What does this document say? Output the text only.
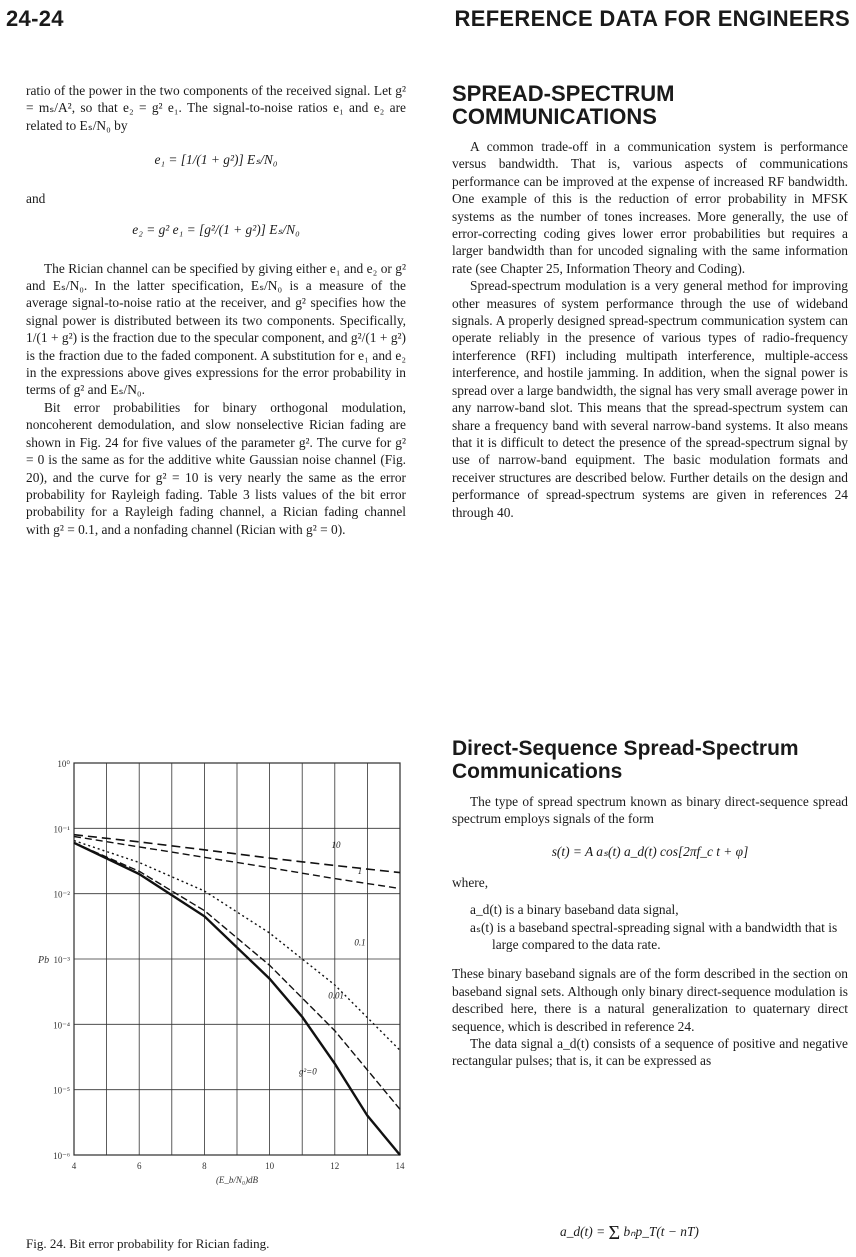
24-24	REFERENCE DATA FOR ENGINEERS

ratio of the power in the two components of the received signal. Let g² = mₛ/A², so that e₂ = g² e₁. The signal-to-noise ratios e₁ and e₂ are related to Eₛ/N₀ by

e₁ = [1/(1 + g²)] Eₛ/N₀

and

e₂ = g² e₁ = [g²/(1 + g²)] Eₛ/N₀

The Rician channel can be specified by giving either e₁ and e₂ or g² and Eₛ/N₀. In the latter specification, Eₛ/N₀ is a measure of the average signal-to-noise ratio at the receiver, and g² specifies how the signal power is distributed between its two components. Specifically, 1/(1 + g²) is the fraction due to the specular component, and g²/(1 + g²) is the fraction due to the faded component. A substitution for e₁ and e₂ in the expressions above gives expressions for the error probability in terms of g² and Eₛ/N₀.

Bit error probabilities for binary orthogonal modulation, noncoherent demodulation, and slow nonselective Rician fading are shown in Fig. 24 for five values of the parameter g². The curve for g² = 0 is the same as for the additive white Gaussian noise channel (Fig. 20), and the curve for g² = 10 is very nearly the same as the error probability for Rayleigh fading. Table 3 lists values of the bit error probability for a Rayleigh fading channel, a Rician fading channel with g² = 0.1, and a nonfading channel (Rician with g² = 0).

4	6	8	10	12	14
10⁰
10⁻¹
10⁻²
10⁻³
10⁻⁴
10⁻⁵
10⁻⁶
(E_b/N₀)dB
Pb
10
1
0.1
0.01
g²=0
Fig. 24. Bit error probability for Rician fading.
SPREAD-SPECTRUM COMMUNICATIONS

A common trade-off in a communication system is performance versus bandwidth. That is, various aspects of communications performance can be improved at the expense of increased RF bandwidth. One example of this is the reduction of error probability in MFSK systems as the number of tones increases. More generally, the use of error-correcting coding gives lower error probabilities but requires a larger bandwidth than for uncoded signaling with the same information rate (see Chapter 25, Information Theory and Coding).

Spread-spectrum modulation is a very general method for improving other measures of system performance through the use of wideband signals. A properly designed spread-spectrum communication system can operate reliably in the presence of various types of radio-frequency interference (RFI) including multipath interference, multiple-access interference, and hostile jamming. In addition, when the signal power is spread over a large bandwidth, the signal has very small average power in any narrow-band slot. This means that the spread-spectrum system can share a frequency band with several narrow-band systems. It also means that it is difficult to detect the presence of the spread-spectrum signal by use of narrow-band equipment. The basic modulation formats and receiver structures are described below. Further details on the design and performance of spread-spectrum systems are given in references 24 through 40.

Direct-Sequence Spread-Spectrum Communications

The type of spread spectrum known as binary direct-sequence spread spectrum employs signals of the form

s(t) = A aₛ(t) a_d(t) cos[2πf_c t + φ]

where,

a_d(t) is a binary baseband data signal,
aₛ(t) is a baseband spectral-spreading signal with a bandwidth that is large compared to the data rate.

These binary baseband signals are of the form described in the section on baseband signal sets. Although only binary direct-sequence modulation is described here, there is a natural generalization to quaternary direct sequence, which is described in reference 24.

The data signal a_d(t) consists of a sequence of positive and negative rectangular pulses; that is, it can be expressed as

a_d(t) = Σ bₙp_T(t − nT)
